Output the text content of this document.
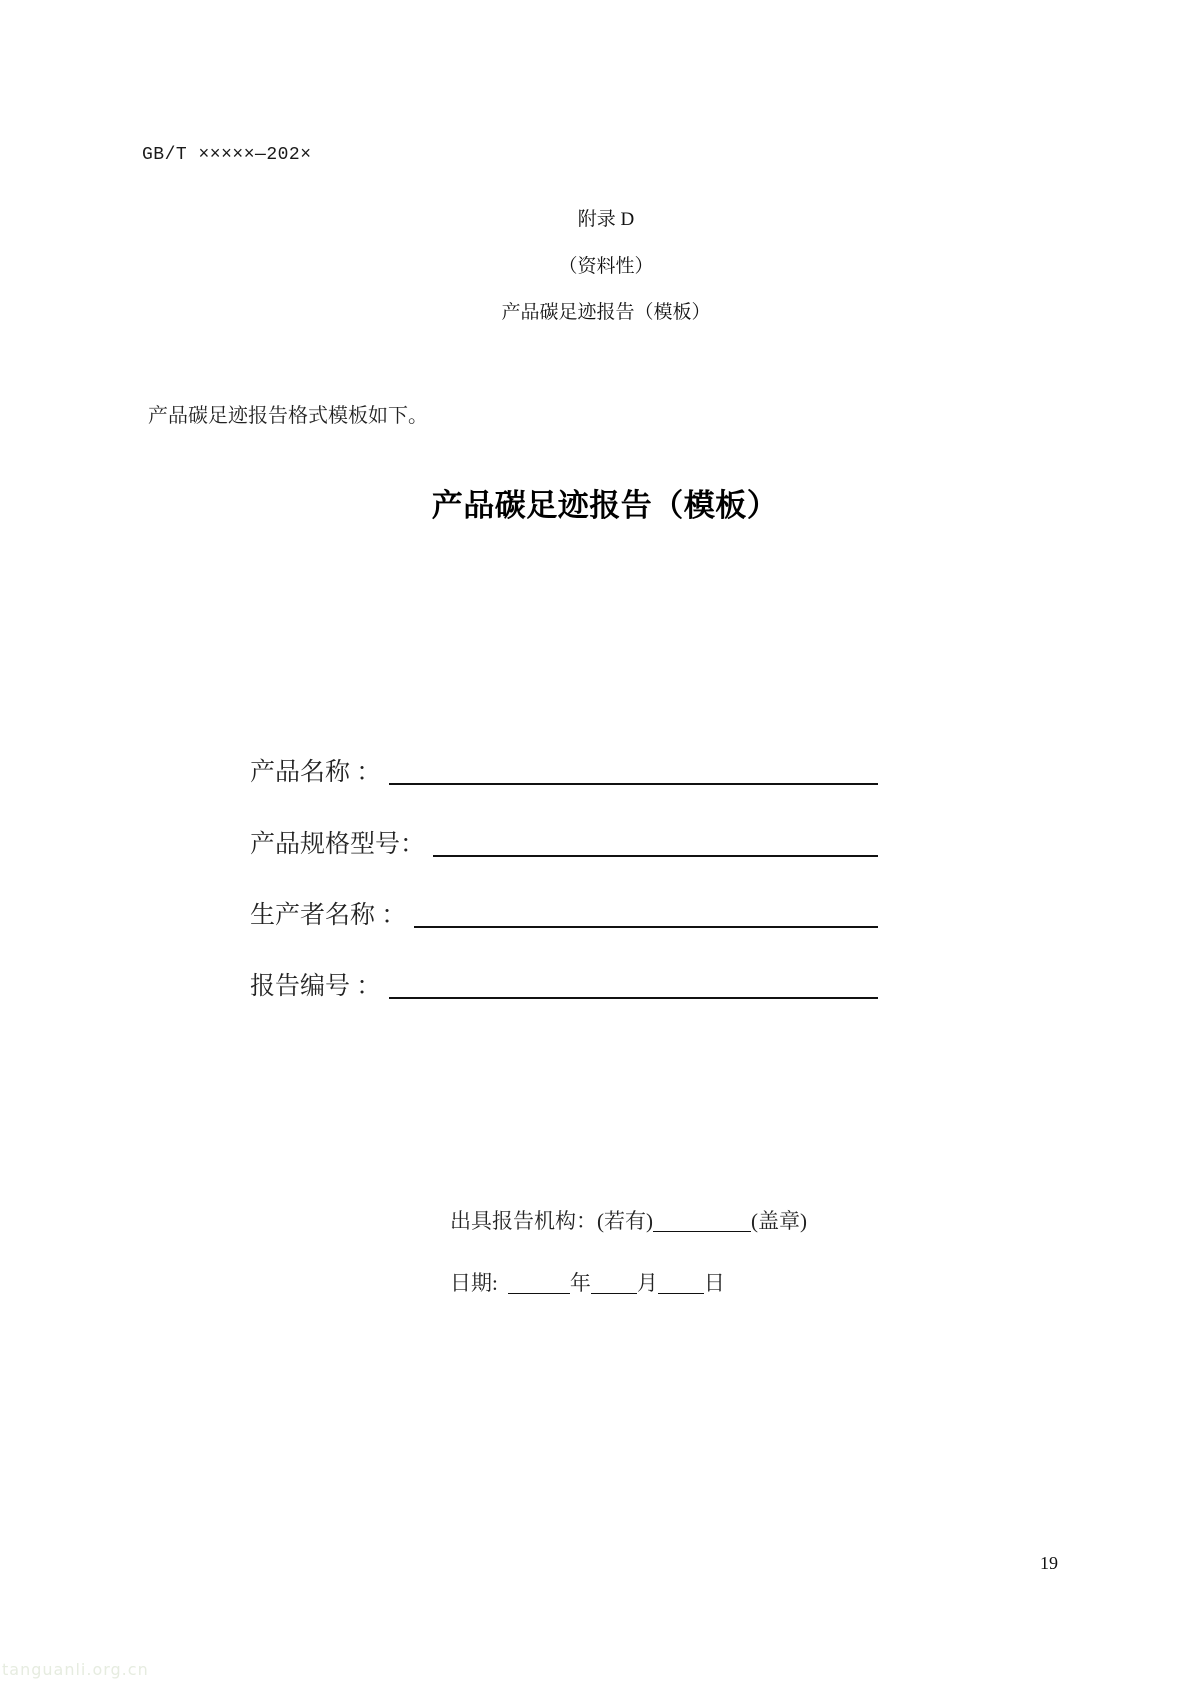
GB/T ×××××—202×
附录 D
（资料性）
产品碳足迹报告（模板）
产品碳足迹报告格式模板如下。
产品碳足迹报告（模板）
产品名称 ：
产品规格型号：
生产者名称 ：
报告编号 ：
出具报告机构：(若有)	(盖章)
日期:	年 月 日
19
tanguanli.org.cn
